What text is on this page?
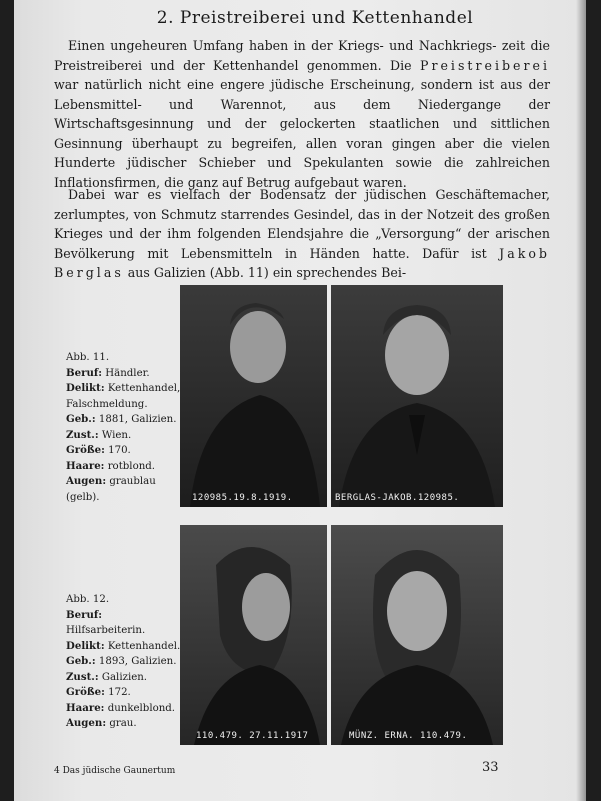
2. Preistreiberei und Kettenhandel

Einen ungeheuren Umfang haben in der Kriegs- und Nachkriegs- zeit die Preistreiberei und der Kettenhandel genommen. Die Preistreiberei war natürlich nicht eine engere jüdische Erscheinung, sondern ist aus der Lebensmittel- und Warennot, aus dem Niedergange der Wirtschaftsgesinnung und der gelockerten staatlichen und sittlichen Gesinnung überhaupt zu begreifen, allen voran gingen aber die vielen Hunderte jüdischer Schieber und Spekulanten sowie die zahlreichen Inflationsfirmen, die ganz auf Betrug aufgebaut waren.

Dabei war es vielfach der Bodensatz der jüdischen Geschäftemacher, zerlumptes, von Schmutz starrendes Gesindel, das in der Notzeit des großen Krieges und der ihm folgenden Elendsjahre die „Versorgung“ der arischen Bevölkerung mit Lebensmitteln in Händen hatte. Dafür ist Jakob Berglas aus Galizien (Abb. 11) ein sprechendes Bei-

120985.19.8.1919.	BERGLAS-JAKOB.120985.
Abb. 11.
Beruf: Händler.
Delikt: Kettenhandel, Falschmeldung.
Geb.: 1881, Galizien.
Zust.: Wien.
Größe: 170.
Haare: rotblond.
Augen: graublau (gelb).
110.479. 27.11.1917	MÜNZ. ERNA. 110.479.
Abb. 12.
Beruf: Hilfsarbeiterin.
Delikt: Kettenhandel.
Geb.: 1893, Galizien.
Zust.: Galizien.
Größe: 172.
Haare: dunkelblond.
Augen: grau.
4 Das jüdische Gaunertum	33
